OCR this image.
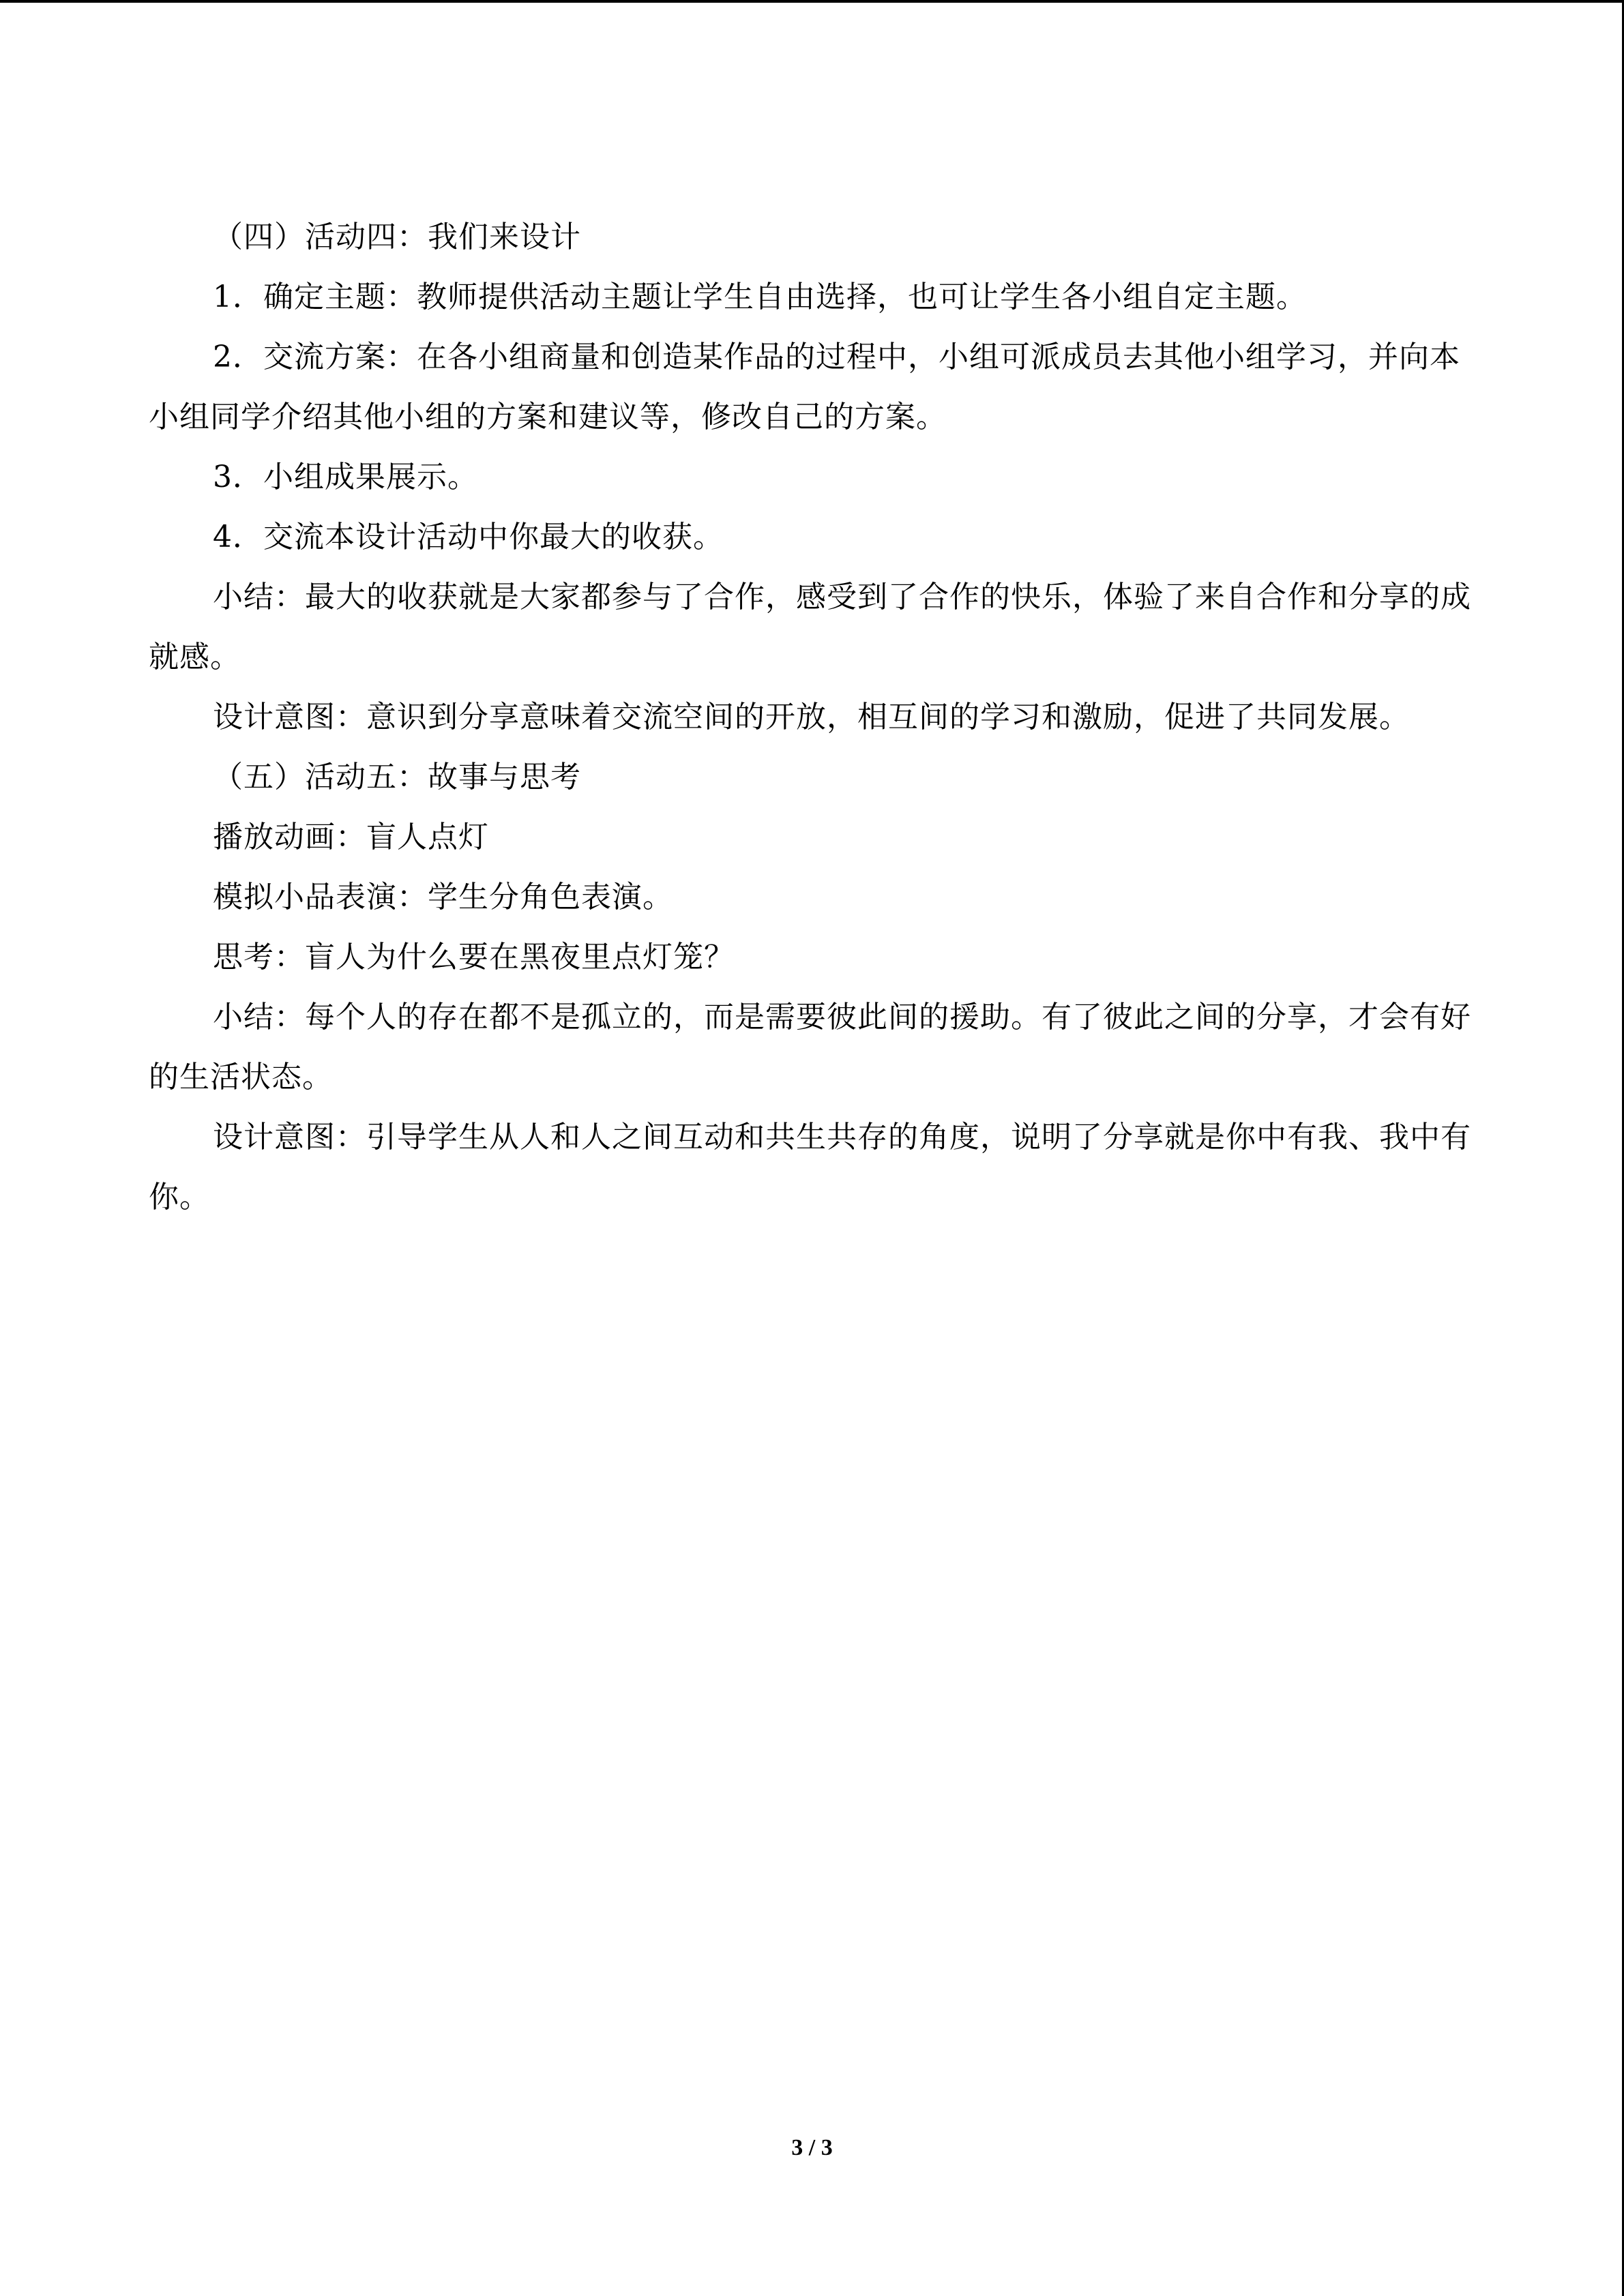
（四）活动四：我们来设计

1．确定主题：教师提供活动主题让学生自由选择，也可让学生各小组自定主题。

2．交流方案：在各小组商量和创造某作品的过程中，小组可派成员去其他小组学习，并向本小组同学介绍其他小组的方案和建议等，修改自己的方案。

3．小组成果展示。

4．交流本设计活动中你最大的收获。

小结：最大的收获就是大家都参与了合作，感受到了合作的快乐，体验了来自合作和分享的成就感。

设计意图：意识到分享意味着交流空间的开放，相互间的学习和激励，促进了共同发展。

（五）活动五：故事与思考

播放动画：盲人点灯

模拟小品表演：学生分角色表演。

思考：盲人为什么要在黑夜里点灯笼？

小结：每个人的存在都不是孤立的，而是需要彼此间的援助。有了彼此之间的分享，才会有好的生活状态。

设计意图：引导学生从人和人之间互动和共生共存的角度，说明了分享就是你中有我、我中有你。

3 / 3
